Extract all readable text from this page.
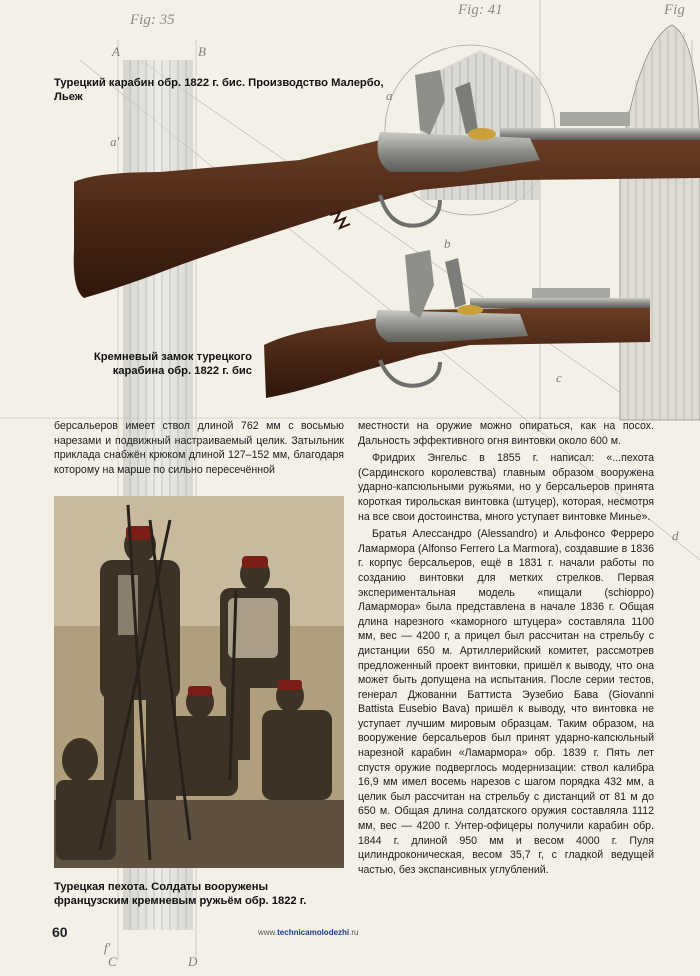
Fig: 35
Fig: 41	Fig
A	B
a'
a
b
c
d
f'
C	D
Турецкий карабин обр. 1822 г. бис. Производство Малербо, Льеж
Кремневый замок турецкого карабина обр. 1822 г. бис

берсальеров имеет ствол длиной 762 мм с восьмью нарезами и подвижный настраиваемый целик. Затыльник приклада снабжён крюком длиной 127–152 мм, благодаря которому на марше по сильно пересечённой

местности на оружие можно опираться, как на посох. Дальность эффективного огня винтовки около 600 м.

Фридрих Энгельс в 1855 г. написал: «...пехота (Сардинского королевства) главным образом вооружена ударно-капсюльными ружьями, но у берсальеров принята короткая тирольская винтовка (штуцер), которая, несмотря на все свои достоинства, много уступает винтовке Минье».

Братья Алессандро (Alessandro) и Альфонсо Ферреро Ламармора (Alfonso Ferrero La Marmora), создавшие в 1836 г. корпус берсальеров, ещё в 1831 г. начали работы по созданию винтовки для метких стрелков. Первая экспериментальная модель «пищали (schioppo) Ламармора» была представлена в начале 1836 г. Общая длина нарезного «каморного штуцера» составляла 1100 мм, вес — 4200 г, а прицел был рассчитан на стрельбу с дистанции 650 м. Артиллерийский комитет, рассмотрев предложенный проект винтовки, пришёл к выводу, что она может быть допущена на испытания. После серии тестов, генерал Джованни Баттиста Эузебио Бава (Giovanni Battista Eusebio Bava) пришёл к выводу, что винтовка не уступает лучшим мировым образцам. Таким образом, на вооружение берсальеров был принят ударно-капсюльный нарезной карабин «Ламармора» обр. 1839 г. Пять лет спустя оружие подверглось модернизации: ствол калибра 16,9 мм имел восемь нарезов с шагом порядка 432 мм, а целик был рассчитан на стрельбу с дистанций от 81 м до 650 м. Общая длина солдатского оружия составляла 1112 мм, вес — 4200 г. Унтер-офицеры получили карабин обр. 1844 г. длиной 950 мм и весом 4000 г. Пуля цилиндроконическая, весом 35,7 г, с гладкой ведущей частью, без экспансивных углублений.

Турецкая пехота. Солдаты вооружены французским кремневым ружьём обр. 1822 г.
60	www.technicamolodezhi.ru
